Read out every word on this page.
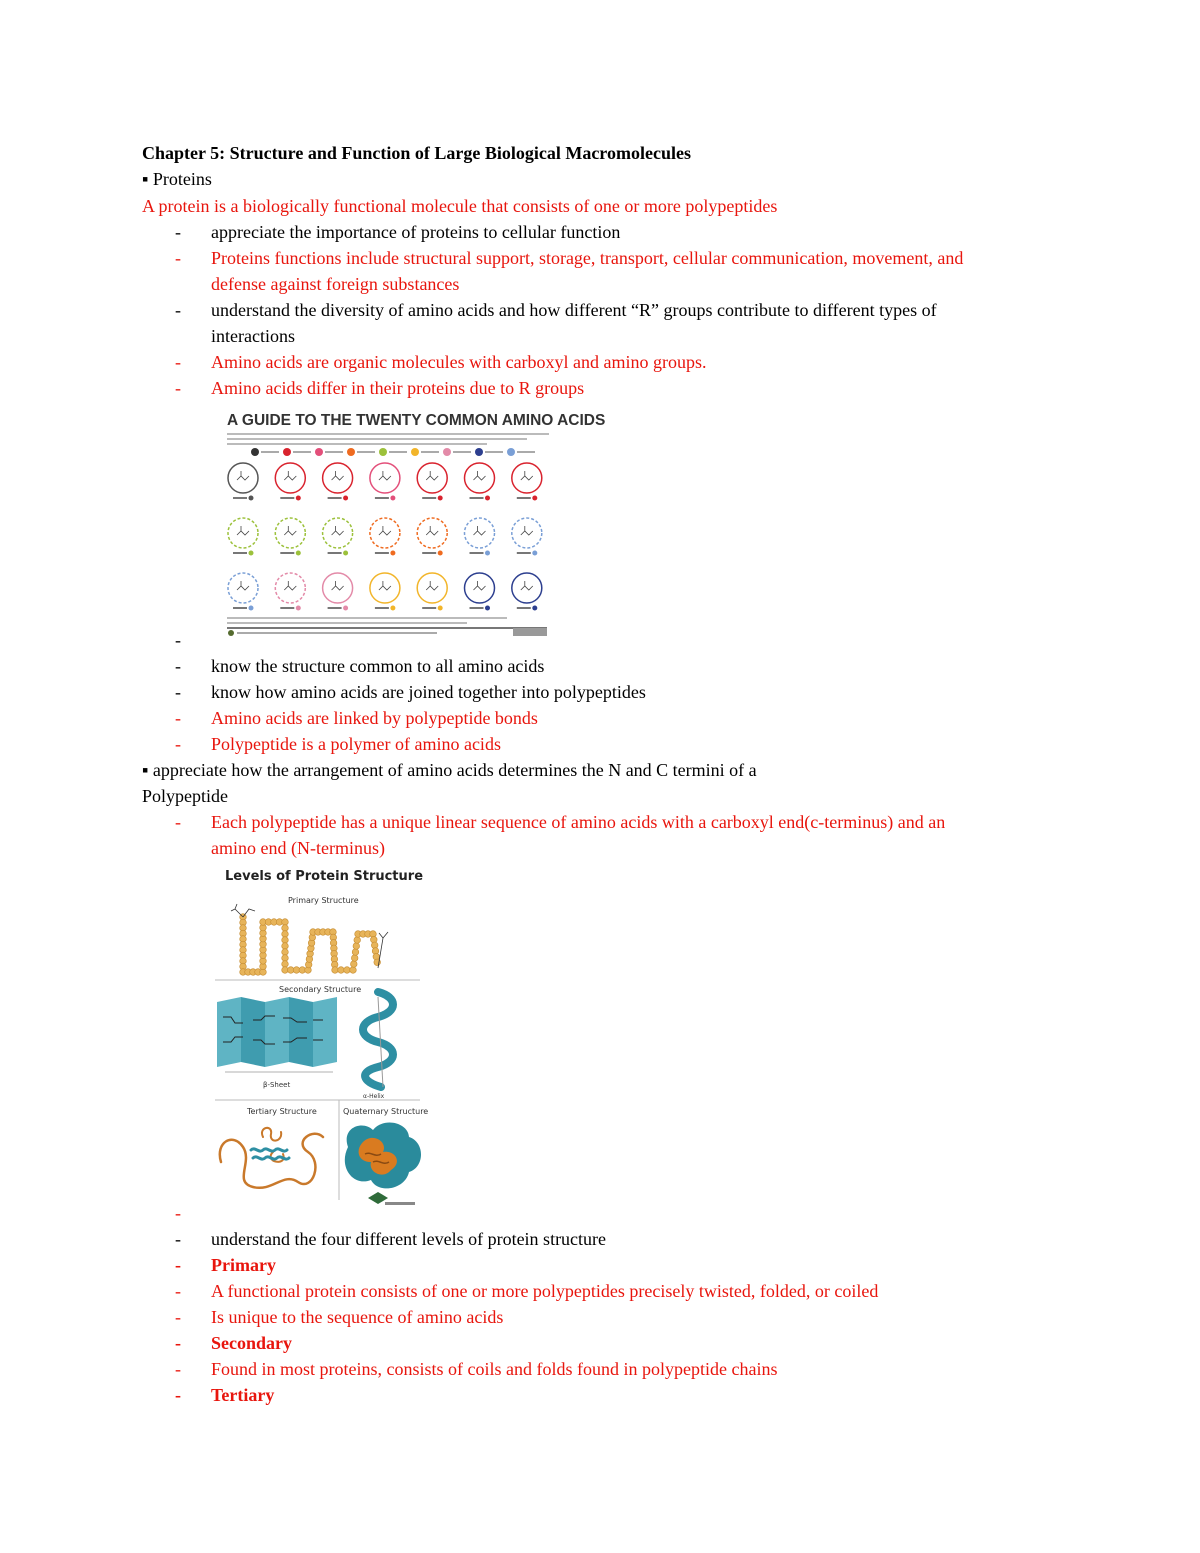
Chapter 5: Structure and Function of Large Biological Macromolecules
▪ Proteins
A protein is a biologically functional molecule that consists of one or more polypeptides
-	appreciate the importance of proteins to cellular function
-	Proteins functions include structural support, storage, transport, cellular communication, movement, and
defense against foreign substances
-	understand the diversity of amino acids and how different “R” groups contribute to different types of
interactions
-	Amino acids are organic molecules with carboxyl and amino groups.
-	Amino acids differ in their proteins due to R groups
A GUIDE TO THE TWENTY COMMON AMINO ACIDS
-
-	know the structure common to all amino acids
-	know how amino acids are joined together into polypeptides
-	Amino acids are linked by polypeptide bonds
-	Polypeptide is a polymer of amino acids
▪ appreciate how the arrangement of amino acids determines the N and C termini of a
Polypeptide
-	Each polypeptide has a unique linear sequence of amino acids with a carboxyl end(c-terminus) and an
amino end (N-terminus)
Levels of Protein Structure
Primary Structure
Secondary Structure
β-Sheet
α-Helix
Tertiary Structure	Quaternary Structure
-
-	understand the four different levels of protein structure
-	Primary
-	A functional protein consists of one or more polypeptides precisely twisted, folded, or coiled
-	Is unique to the sequence of amino acids
-	Secondary
-	Found in most proteins, consists of coils and folds found in polypeptide chains
-	Tertiary
